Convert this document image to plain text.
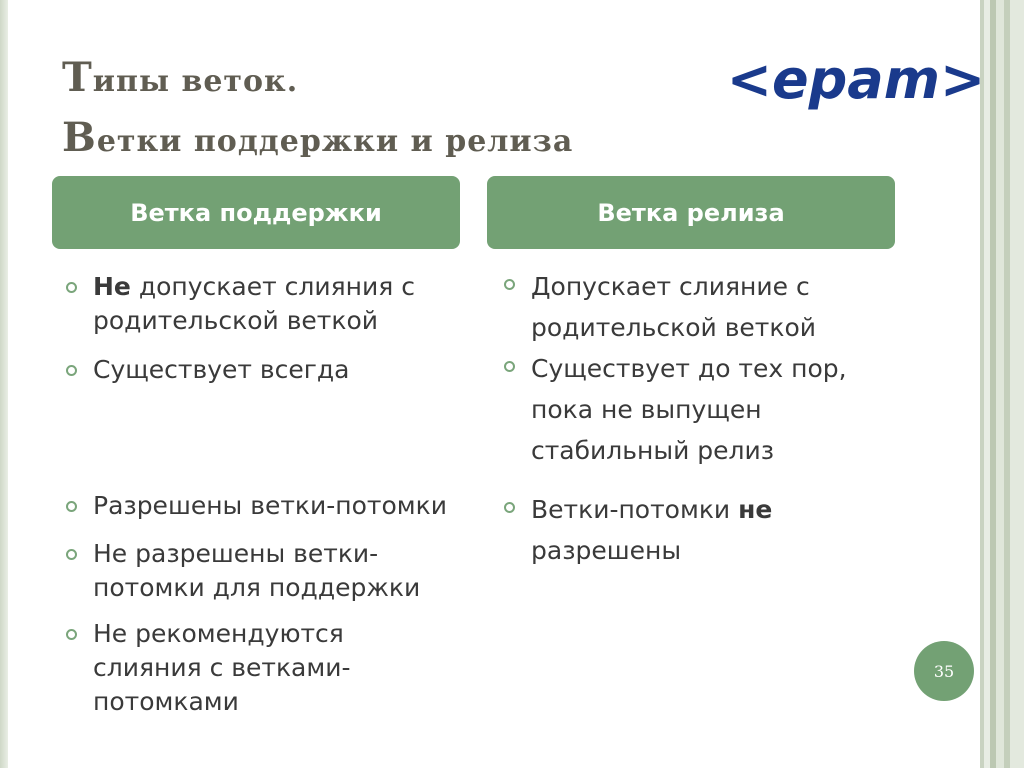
Типы веток.
Ветки поддержки и релиза
<epam>
Ветка поддержки	Ветка релиза
Не допускает слияния с родительской веткой
Существует всегда
Разрешены ветки-потомки
Не разрешены ветки-потомки для поддержки
Не рекомендуются слияния с ветками-потомками
Допускает слияние с родительской веткой
Существует до тех пор, пока не выпущен стабильный релиз
Ветки-потомки не разрешены
35
